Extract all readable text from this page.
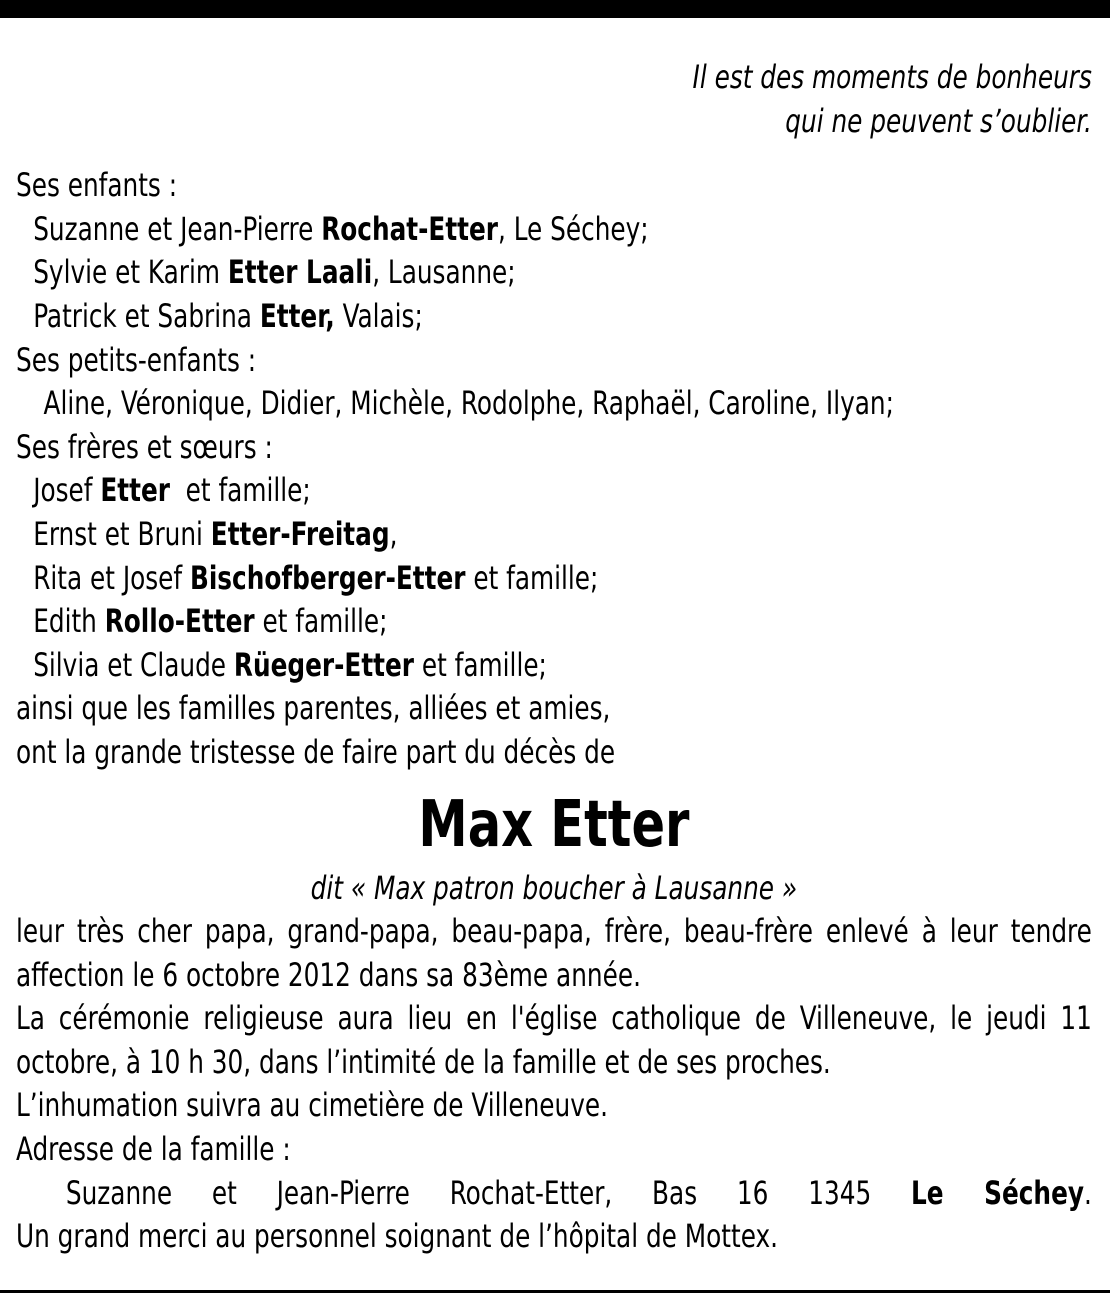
Il est des moments de bonheurs
qui ne peuvent s’oublier.
Ses enfants :
Suzanne et Jean-Pierre Rochat-Etter, Le Séchey;
Sylvie et Karim Etter Laali, Lausanne;
Patrick et Sabrina Etter, Valais;
Ses petits-enfants :
Aline, Véronique, Didier, Michèle, Rodolphe, Raphaël, Caroline, Ilyan;
Ses frères et sœurs :
Josef Etter  et famille;
Ernst et Bruni Etter-Freitag,
Rita et Josef Bischofberger-Etter et famille;
Edith Rollo-Etter et famille;
Silvia et Claude Rüeger-Etter et famille;
ainsi que les familles parentes, alliées et amies,
ont la grande tristesse de faire part du décès de
Max Etter
dit « Max patron boucher à Lausanne »
leur très cher papa, grand-papa, beau-papa, frère, beau-frère enlevé à leur tendre affection le 6 octobre 2012 dans sa 83ème année.
La cérémonie religieuse aura lieu en l'église catholique de Villeneuve, le jeudi 11 octobre, à 10 h 30, dans l’intimité de la famille et de ses proches.
L’inhumation suivra au cimetière de Villeneuve.
Adresse de la famille :
Suzanne et Jean-Pierre Rochat-Etter, Bas 16 1345 Le Séchey.
Un grand merci au personnel soignant de l’hôpital de Mottex.
